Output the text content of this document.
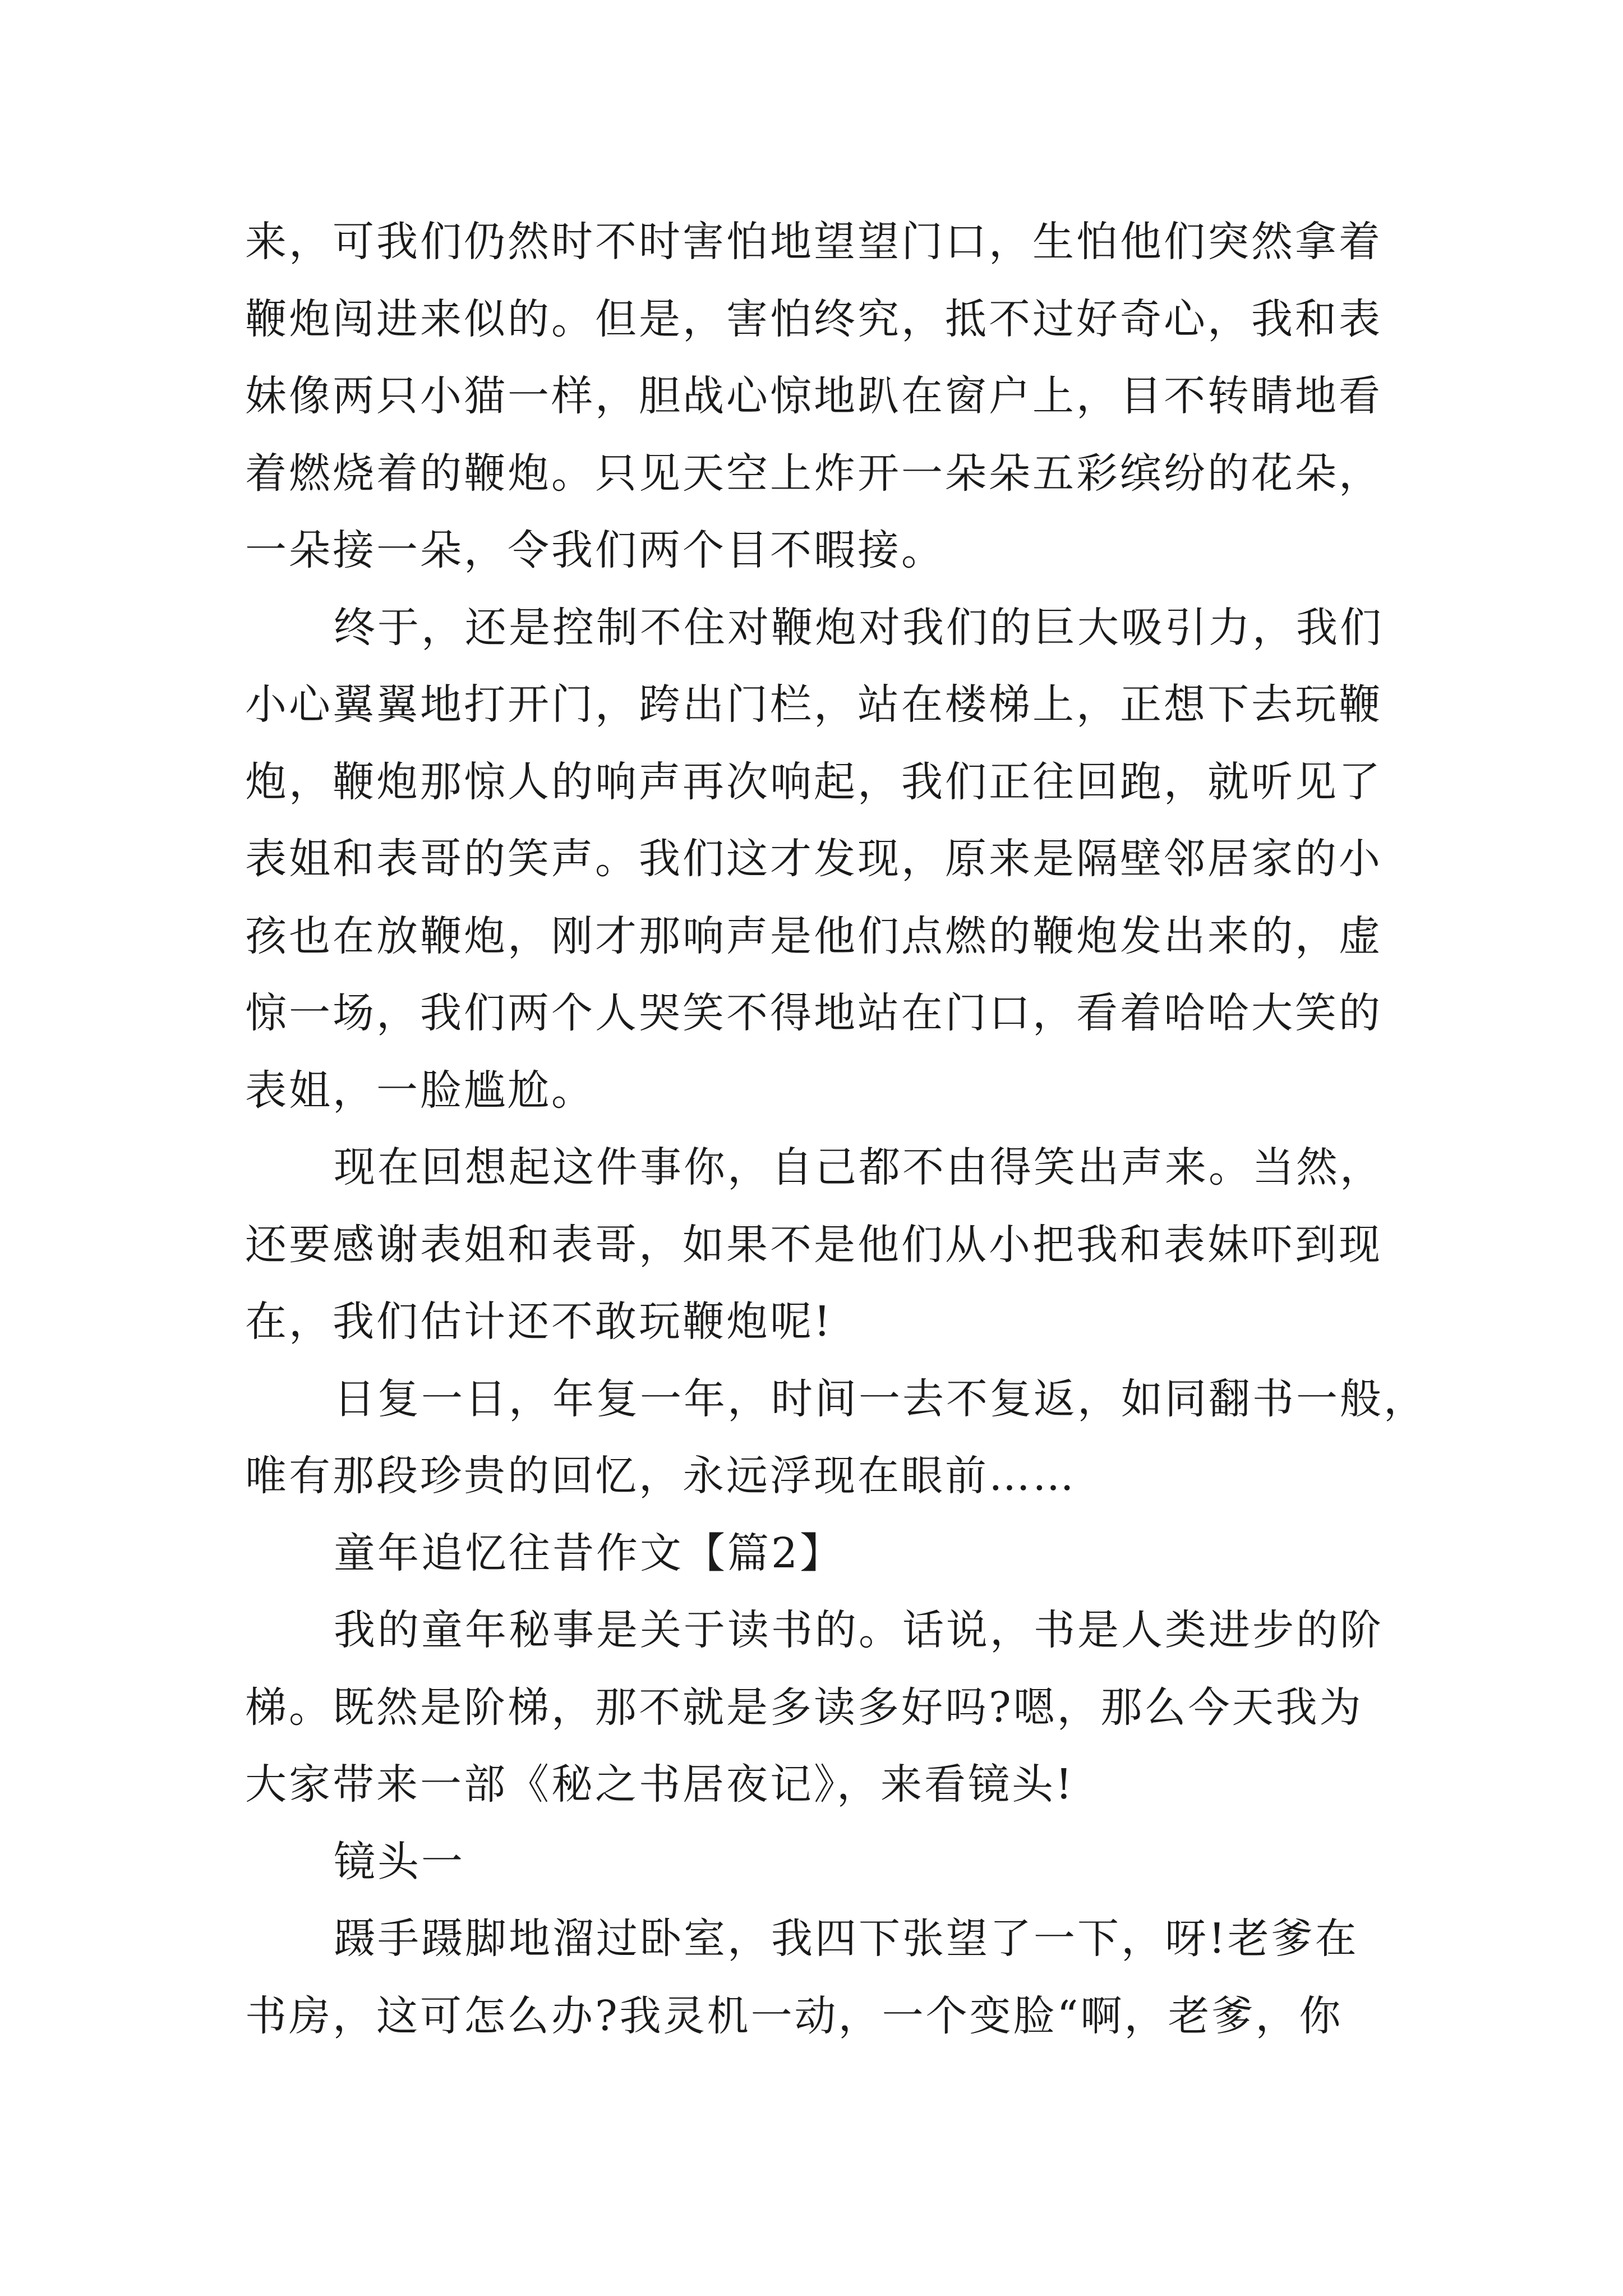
来，可我们仍然时不时害怕地望望门口，生怕他们突然拿着
鞭炮闯进来似的。但是，害怕终究，抵不过好奇心，我和表
妹像两只小猫一样，胆战心惊地趴在窗户上，目不转睛地看
着燃烧着的鞭炮。只见天空上炸开一朵朵五彩缤纷的花朵，
一朵接一朵，令我们两个目不暇接。
终于，还是控制不住对鞭炮对我们的巨大吸引力，我们
小心翼翼地打开门，跨出门栏，站在楼梯上，正想下去玩鞭
炮，鞭炮那惊人的响声再次响起，我们正往回跑，就听见了
表姐和表哥的笑声。我们这才发现，原来是隔壁邻居家的小
孩也在放鞭炮，刚才那响声是他们点燃的鞭炮发出来的，虚
惊一场，我们两个人哭笑不得地站在门口，看着哈哈大笑的
表姐，一脸尴尬。
现在回想起这件事你，自己都不由得笑出声来。当然，
还要感谢表姐和表哥，如果不是他们从小把我和表妹吓到现
在，我们估计还不敢玩鞭炮呢!
日复一日，年复一年，时间一去不复返，如同翻书一般，
唯有那段珍贵的回忆，永远浮现在眼前……
童年追忆往昔作文【篇2】
我的童年秘事是关于读书的。话说，书是人类进步的阶
梯。既然是阶梯，那不就是多读多好吗?嗯，那么今天我为
大家带来一部《秘之书居夜记》，来看镜头!
镜头一
蹑手蹑脚地溜过卧室，我四下张望了一下，呀!老爹在
书房，这可怎么办?我灵机一动，一个变脸“啊，老爹，你
